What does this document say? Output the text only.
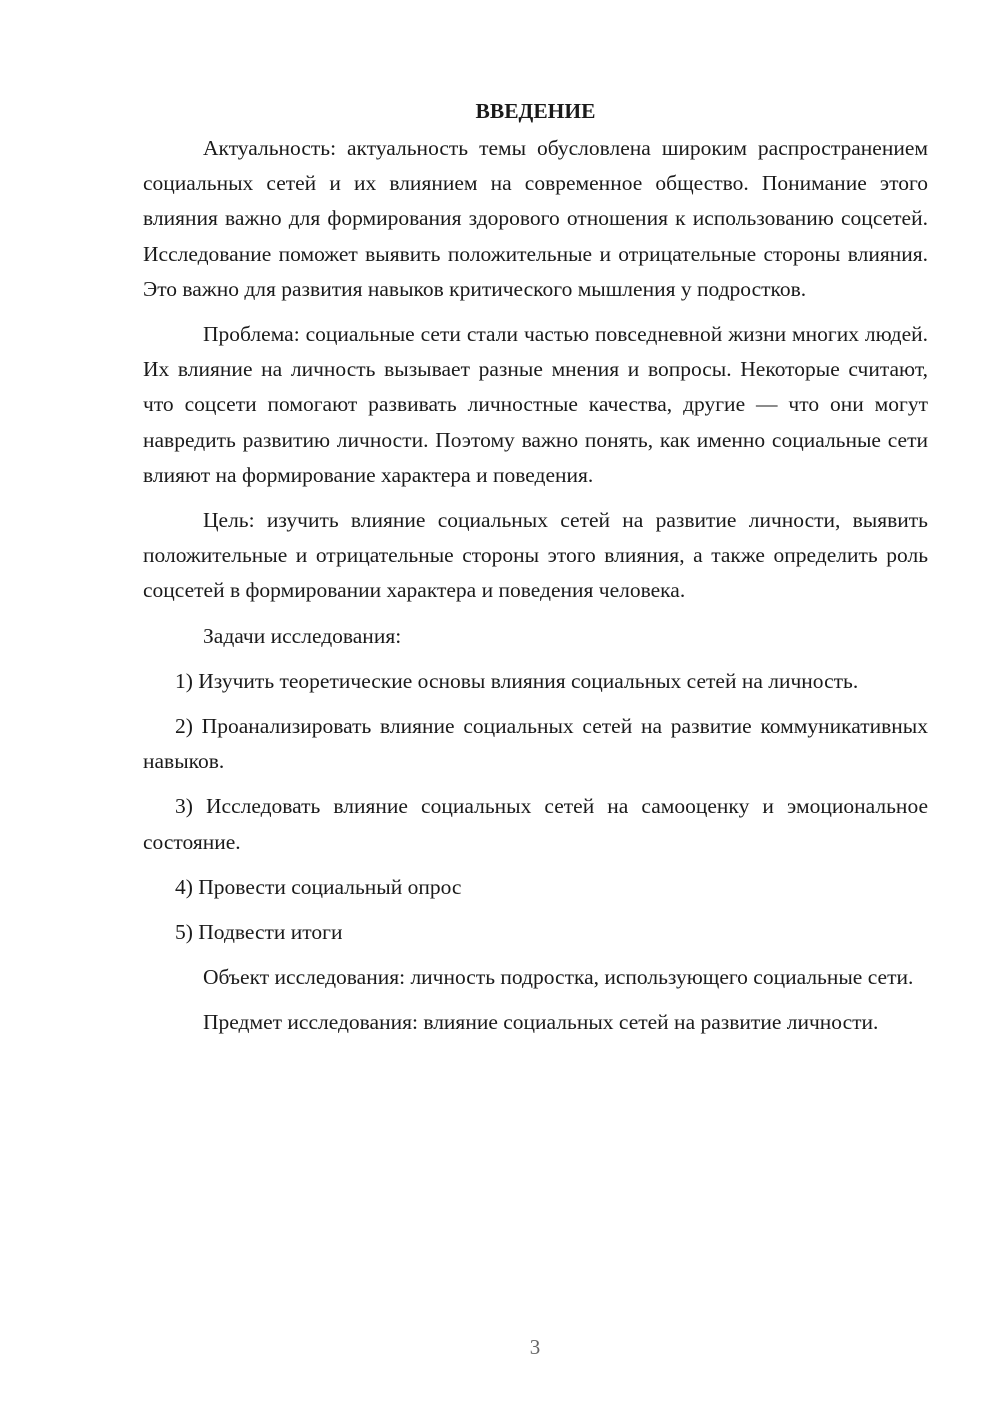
ВВЕДЕНИЕ

Актуальность: актуальность темы обусловлена широким распространением социальных сетей и их влиянием на современное общество. Понимание этого влияния важно для формирования здорового отношения к использованию соцсетей. Исследование поможет выявить положительные и отрицательные стороны влияния. Это важно для развития навыков критического мышления у подростков.

Проблема: социальные сети стали частью повседневной жизни многих людей. Их влияние на личность вызывает разные мнения и вопросы. Некоторые считают, что соцсети помогают развивать личностные качества, другие — что они могут навредить развитию личности. Поэтому важно понять, как именно социальные сети влияют на формирование характера и поведения.

Цель: изучить влияние социальных сетей на развитие личности, выявить положительные и отрицательные стороны этого влияния, а также определить роль соцсетей в формировании характера и поведения человека.

Задачи исследования:

1) Изучить теоретические основы влияния социальных сетей на личность.

2) Проанализировать влияние социальных сетей на развитие коммуникативных навыков.

3) Исследовать влияние социальных сетей на самооценку и эмоциональное состояние.

4) Провести социальный опрос

5) Подвести итоги

Объект исследования: личность подростка, использующего социальные сети.

Предмет исследования: влияние социальных сетей на развитие личности.

3
